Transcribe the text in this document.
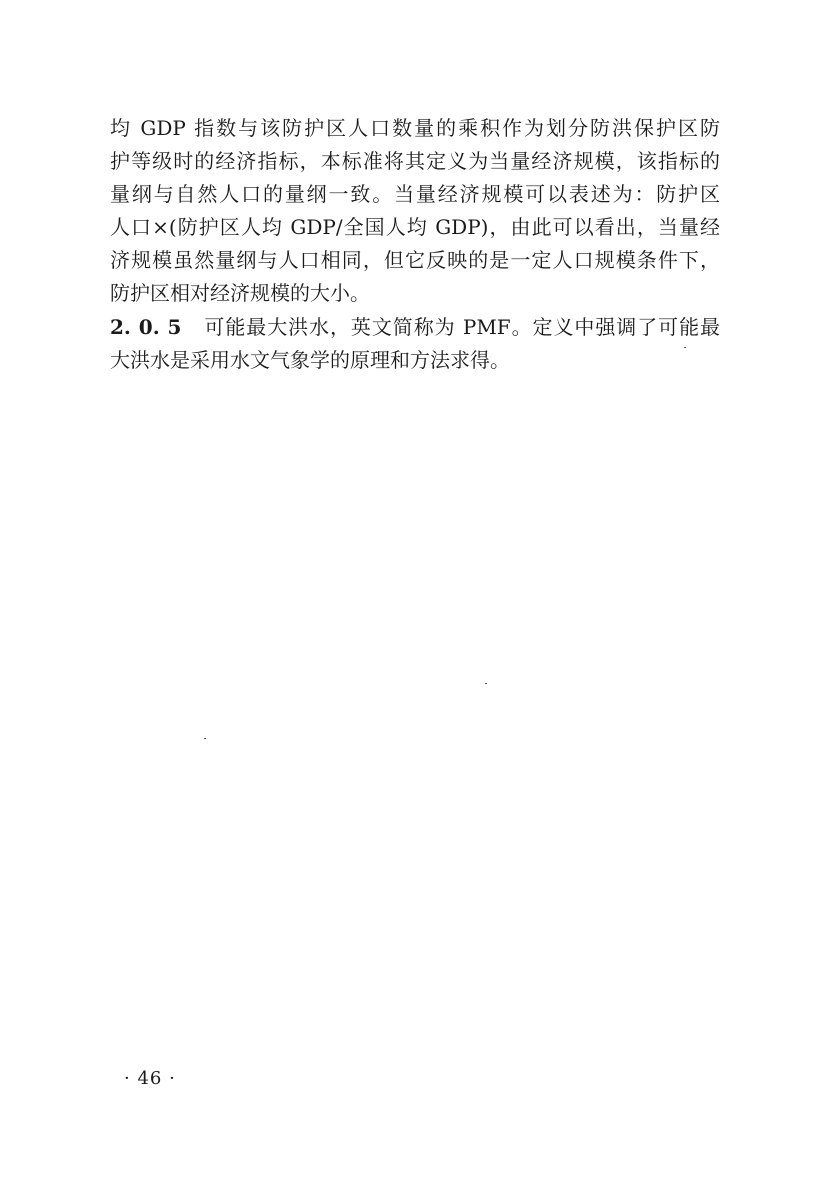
均 GDP 指数与该防护区人口数量的乘积作为划分防洪保护区防
护等级时的经济指标，本标准将其定义为当量经济规模，该指标的
量纲与自然人口的量纲一致。当量经济规模可以表述为：防护区
人口×(防护区人均 GDP/全国人均 GDP)，由此可以看出，当量经
济规模虽然量纲与人口相同，但它反映的是一定人口规模条件下，
防护区相对经济规模的大小。
2. 0. 5 可能最大洪水，英文简称为 PMF。定义中强调了可能最
大洪水是采用水文气象学的原理和方法求得。
· 46 ·
